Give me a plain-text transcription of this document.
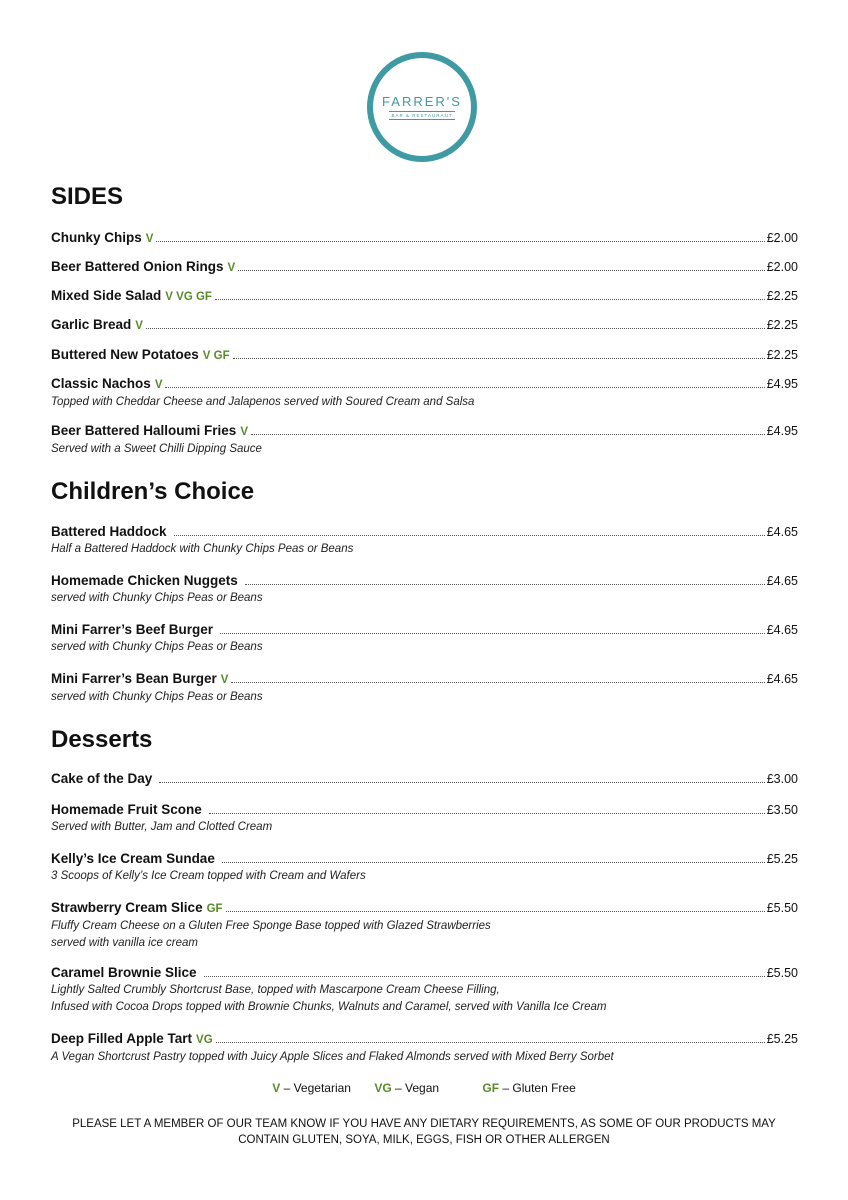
FARRER'S
BAR & RESTAURANT
SIDES
Chunky Chips V	£2.00
Beer Battered Onion Rings V	£2.00
Mixed Side Salad V VG GF	£2.25
Garlic Bread V	£2.25
Buttered New Potatoes V GF	£2.25
Classic Nachos V	£4.95
Topped with Cheddar Cheese and Jalapenos served with Soured Cream and Salsa
Beer Battered Halloumi Fries V	£4.95
Served with a Sweet Chilli Dipping Sauce
Children’s Choice
Battered Haddock	£4.65
Half a Battered Haddock with Chunky Chips Peas or Beans
Homemade Chicken Nuggets	£4.65
served with Chunky Chips Peas or Beans
Mini Farrer’s Beef Burger	£4.65
served with Chunky Chips Peas or Beans
Mini Farrer’s Bean Burger V	£4.65
served with Chunky Chips Peas or Beans
Desserts
Cake of the Day	£3.00
Homemade Fruit Scone	£3.50
Served with Butter, Jam and Clotted Cream
Kelly’s Ice Cream Sundae	£5.25
3 Scoops of Kelly’s Ice Cream topped with Cream and Wafers
Strawberry Cream Slice GF	£5.50
Fluffy Cream Cheese on a Gluten Free Sponge Base topped with Glazed Strawberries
served with vanilla ice cream
Caramel Brownie Slice	£5.50
Lightly Salted Crumbly Shortcrust Base, topped with Mascarpone Cream Cheese Filling,
Infused with Cocoa Drops topped with Brownie Chunks, Walnuts and Caramel, served with Vanilla Ice Cream
Deep Filled Apple Tart VG	£5.25
A Vegan Shortcrust Pastry topped with Juicy Apple Slices and Flaked Almonds served with Mixed Berry Sorbet
V – Vegetarian VG – Vegan	GF – Gluten Free
PLEASE LET A MEMBER OF OUR TEAM KNOW IF YOU HAVE ANY DIETARY REQUIREMENTS, AS SOME OF OUR PRODUCTS MAY
CONTAIN GLUTEN, SOYA, MILK, EGGS, FISH OR OTHER ALLERGEN
